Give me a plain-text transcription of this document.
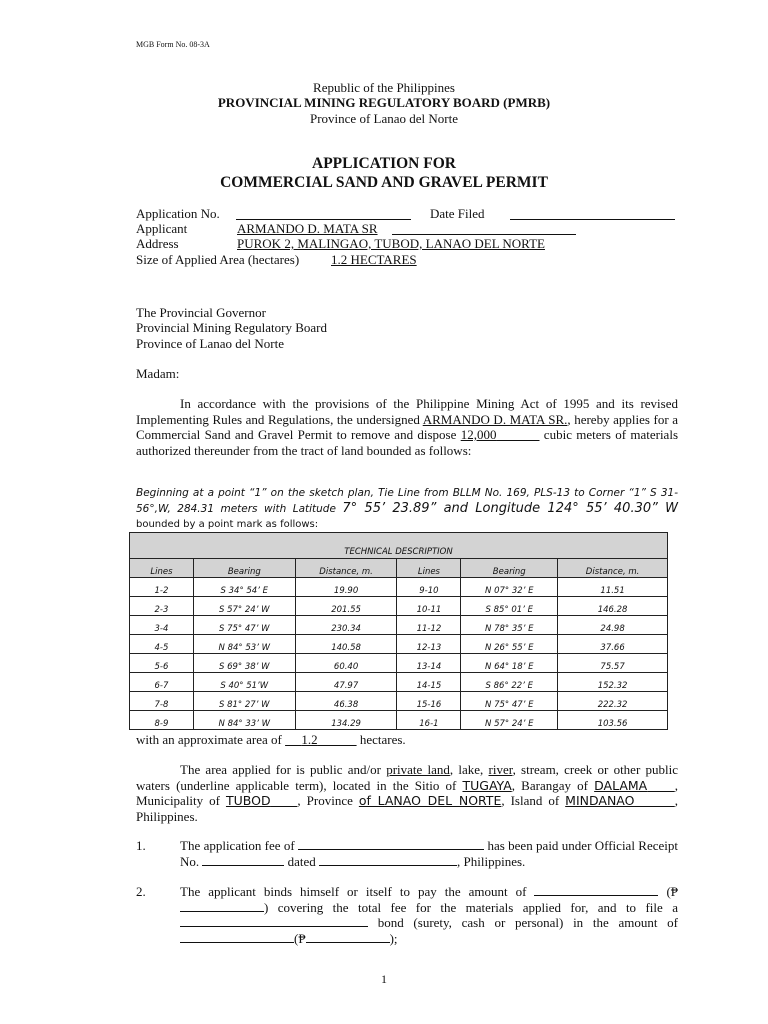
MGB Form No. 08-3A
Republic of the Philippines
PROVINCIAL MINING REGULATORY BOARD (PMRB)
Province of Lanao del Norte
APPLICATION FOR
COMMERCIAL SAND AND GRAVEL PERMIT
Application No.	Date Filed
Applicant	ARMANDO D. MATA SR
Address	PUROK 2, MALINGAO, TUBOD, LANAO DEL NORTE
Size of Applied Area (hectares) 1.2 HECTARES
The Provincial Governor
Provincial Mining Regulatory Board
Province of Lanao del Norte
Madam:
In accordance with the provisions of the Philippine Mining Act of 1995 and its revised Implementing Rules and Regulations, the undersigned ARMANDO D. MATA SR., hereby applies for a Commercial Sand and Gravel Permit to remove and dispose 12,000	cubic meters of materials authorized thereunder from the tract of land bounded as follows:
Beginning at a point “1” on the sketch plan, Tie Line from BLLM No. 169, PLS-13 to Corner “1” S 31-56°,W, 284.31 meters with Latitude 7° 55’ 23.89” and Longitude 124° 55’ 40.30” W bounded by a point mark as follows:
TECHNICAL DESCRIPTION					
Lines	Bearing	Distance, m.	Lines	Bearing	Distance, m.
1-2	S 34° 54’ E	19.90	9-10	N 07° 32’ E	11.51
2-3	S 57° 24’ W	201.55	10-11	S 85° 01’ E	146.28
3-4	S 75° 47’ W	230.34	11-12	N 78° 35’ E	24.98
4-5	N 84° 53’ W	140.58	12-13	N 26° 55’ E	37.66
5-6	S 69° 38’ W	60.40	13-14	N 64° 18’ E	75.57
6-7	S 40° 51’W	47.97	14-15	S 86° 22’ E	152.32
7-8	S 81° 27’ W	46.38	15-16	N 75° 47’ E	222.32
8-9	N 84° 33’ W	134.29	16-1	N 57° 24’ E	103.56
with an approximate area of      1.2	hectares.
The area applied for is public and/or private land, lake, river, stream, creek or other public waters (underline applicable term), located in the Sitio of TUGAYA, Barangay of DALAMA , Municipality of TUBOD , Province of LANAO DEL NORTE, Island of MINDANAO	, Philippines.
1.	The application fee of	has been paid under Official Receipt No.	dated	, Philippines.
2.	The applicant binds himself or itself to pay the amount of	(₱) covering the total fee for the materials applied for, and to file a  bond (surety, cash or personal) in the amount of (₱	);
1
